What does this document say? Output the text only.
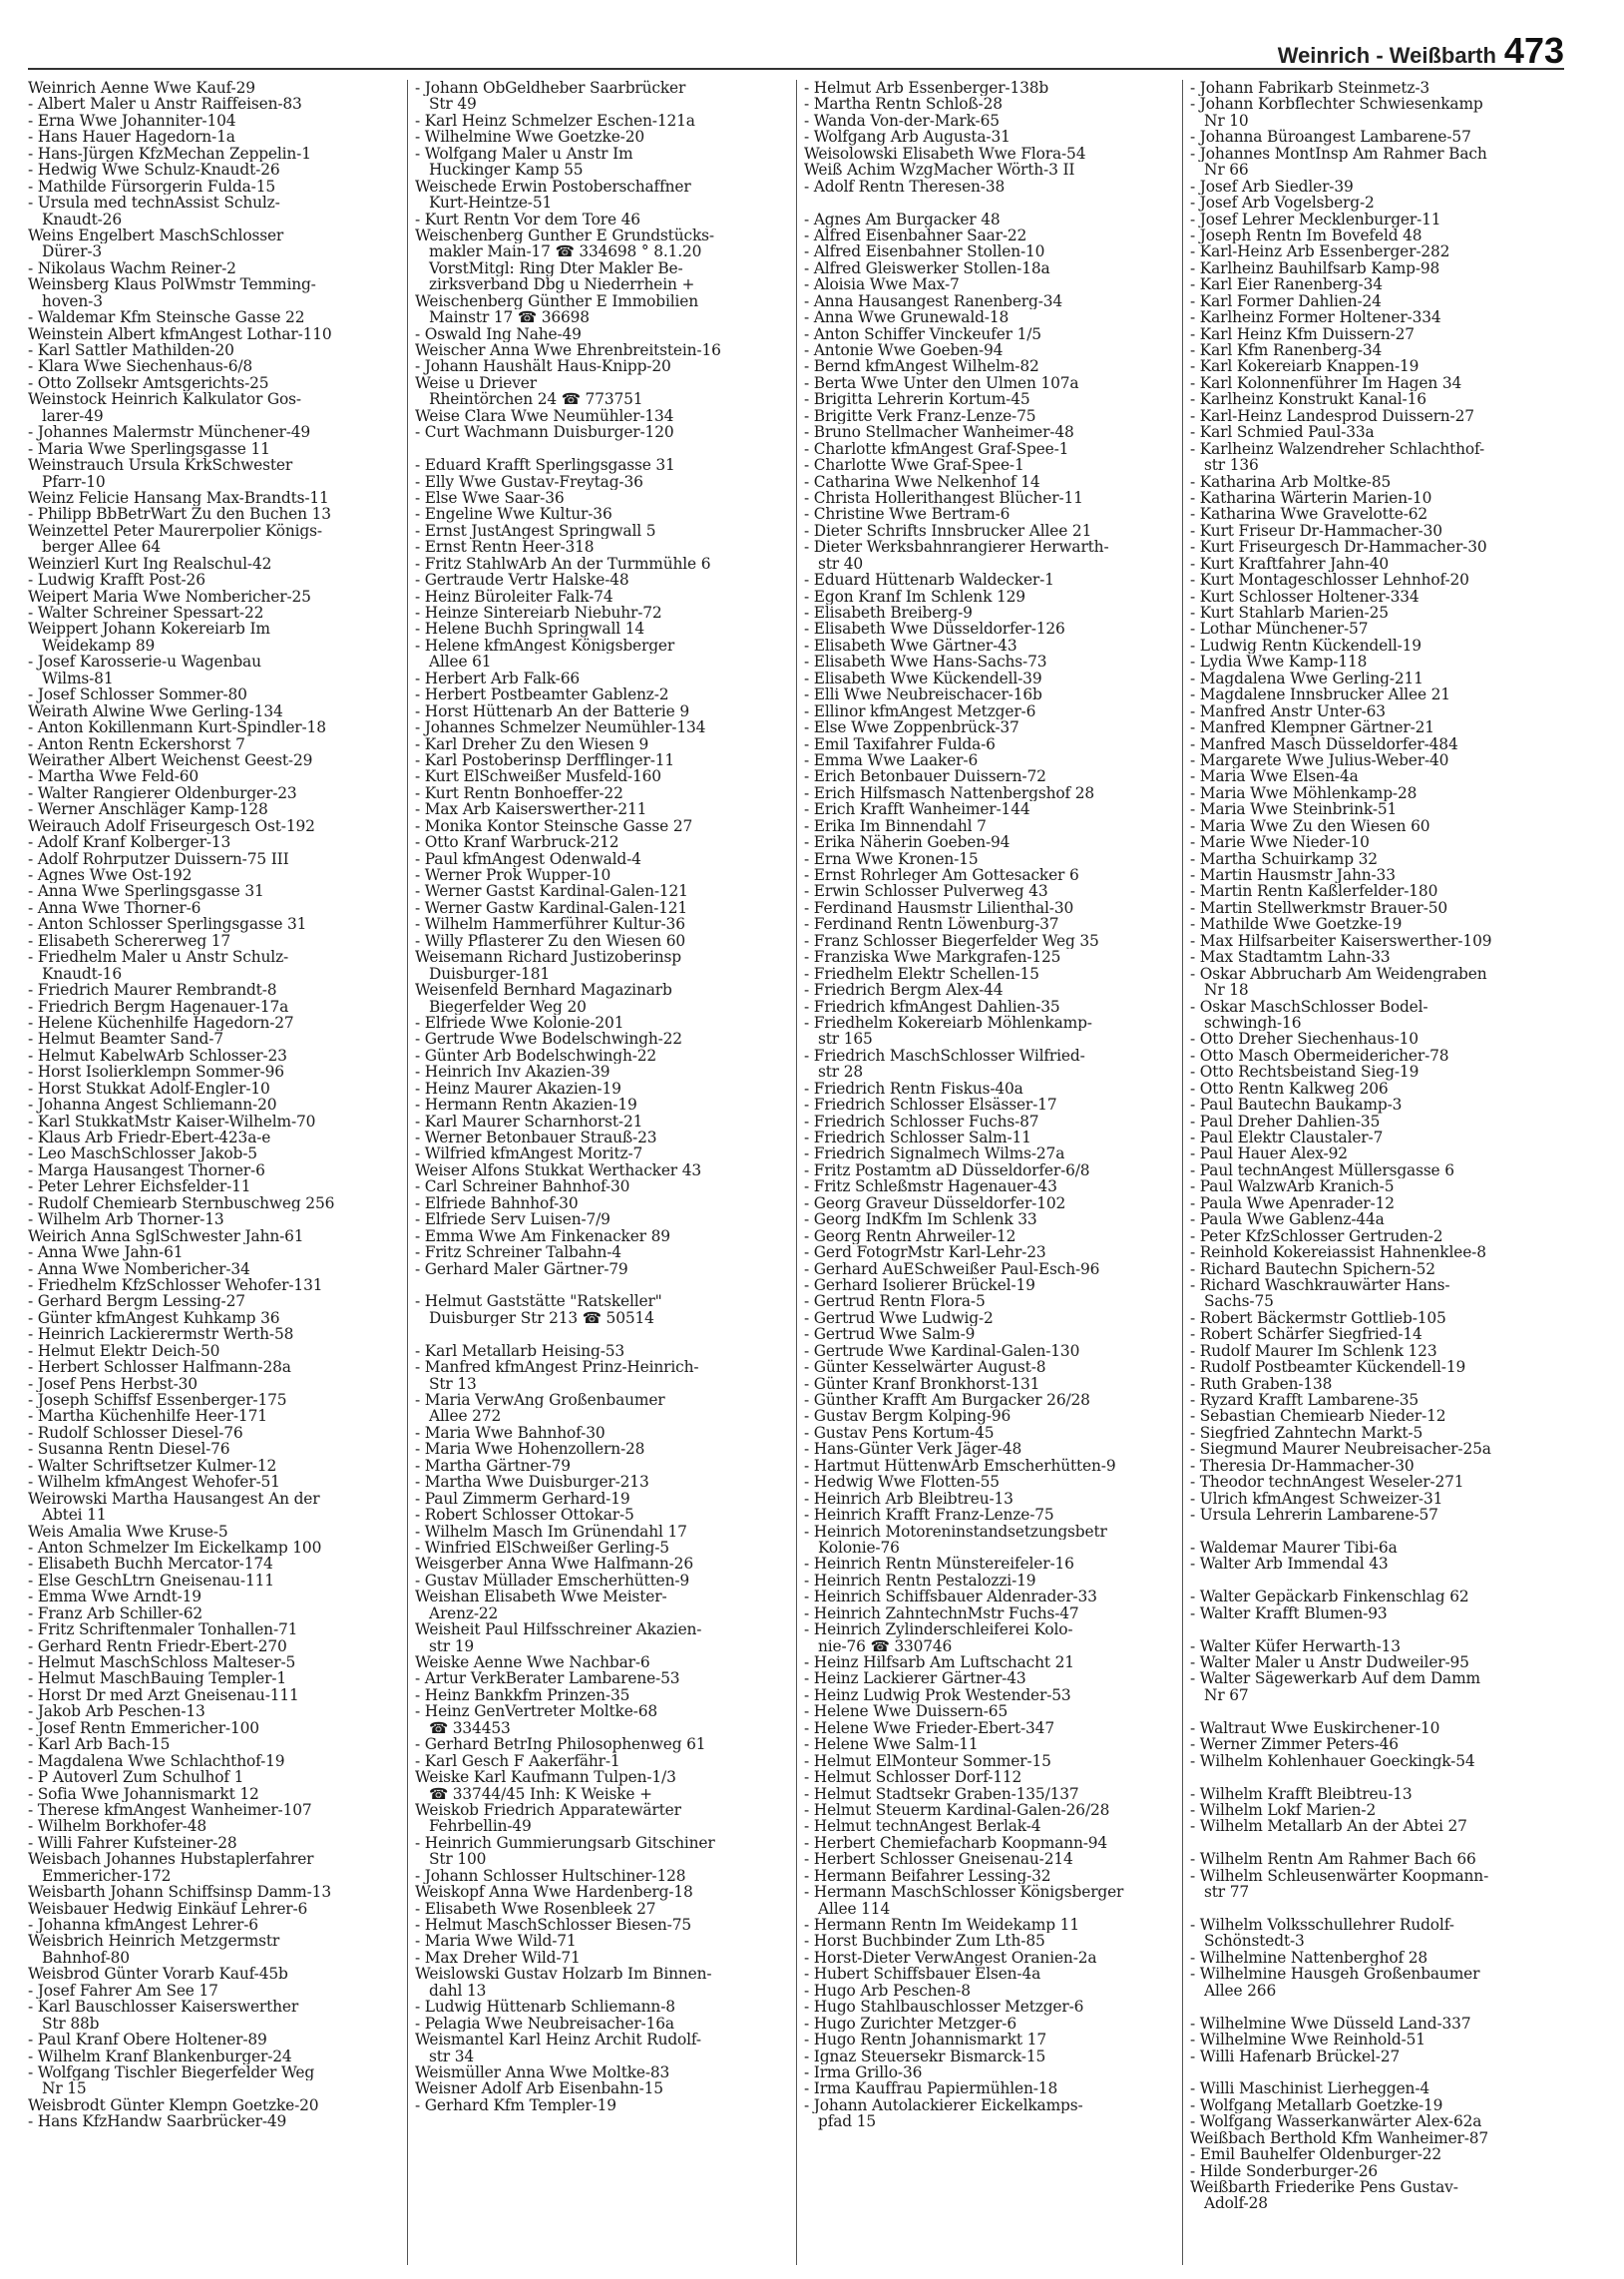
Weinrich - Weißbarth 473
Weinrich Aenne Wwe Kauf-29
- Albert Maler u Anstr Raiffeisen-83
- Erna Wwe Johanniter-104
- Hans Hauer Hagedorn-1a
- Hans-Jürgen KfzMechan Zeppelin-1
- Hedwig Wwe Schulz-Knaudt-26
- Mathilde Fürsorgerin Fulda-15
- Ursula med technAssist Schulz-
Knaudt-26
Weins Engelbert MaschSchlosser
Dürer-3
- Nikolaus Wachm Reiner-2
Weinsberg Klaus PolWmstr Temming-
hoven-3
- Waldemar Kfm Steinsche Gasse 22
Weinstein Albert kfmAngest Lothar-110
- Karl Sattler Mathilden-20
- Klara Wwe Siechenhaus-6/8
- Otto Zollsekr Amtsgerichts-25
Weinstock Heinrich Kalkulator Gos-
larer-49
- Johannes Malermstr Münchener-49
- Maria Wwe Sperlingsgasse 11
Weinstrauch Ursula KrkSchwester
Pfarr-10
Weinz Felicie Hansang Max-Brandts-11
- Philipp BbBetrWart Zu den Buchen 13
Weinzettel Peter Maurerpolier Königs-
berger Allee 64
Weinzierl Kurt Ing Realschul-42
- Ludwig Krafft Post-26
Weipert Maria Wwe Nombericher-25
- Walter Schreiner Spessart-22
Weippert Johann Kokereiarb Im
Weidekamp 89
- Josef Karosserie-u Wagenbau
Wilms-81
- Josef Schlosser Sommer-80
Weirath Alwine Wwe Gerling-134
- Anton Kokillenmann Kurt-Spindler-18
- Anton Rentn Eckershorst 7
Weirather Albert Weichenst Geest-29
- Martha Wwe Feld-60
- Walter Rangierer Oldenburger-23
- Werner Anschläger Kamp-128
Weirauch Adolf Friseurgesch Ost-192
- Adolf Kranf Kolberger-13
- Adolf Rohrputzer Duissern-75 III
- Agnes Wwe Ost-192
- Anna Wwe Sperlingsgasse 31
- Anna Wwe Thorner-6
- Anton Schlosser Sperlingsgasse 31
- Elisabeth Schererweg 17
- Friedhelm Maler u Anstr Schulz-
Knaudt-16
- Friedrich Maurer Rembrandt-8
- Friedrich Bergm Hagenauer-17a
- Helene Küchenhilfe Hagedorn-27
- Helmut Beamter Sand-7
- Helmut KabelwArb Schlosser-23
- Horst Isolierklempn Sommer-96
- Horst Stukkat Adolf-Engler-10
- Johanna Angest Schliemann-20
- Karl StukkatMstr Kaiser-Wilhelm-70
- Klaus Arb Friedr-Ebert-423a-e
- Leo MaschSchlosser Jakob-5
- Marga Hausangest Thorner-6
- Peter Lehrer Eichsfelder-11
- Rudolf Chemiearb Sternbuschweg 256
- Wilhelm Arb Thorner-13
Weirich Anna SglSchwester Jahn-61
- Anna Wwe Jahn-61
- Anna Wwe Nombericher-34
- Friedhelm KfzSchlosser Wehofer-131
- Gerhard Bergm Lessing-27
- Günter kfmAngest Kuhkamp 36
- Heinrich Lackierermstr Werth-58
- Helmut Elektr Deich-50
- Herbert Schlosser Halfmann-28a
- Josef Pens Herbst-30
- Joseph Schiffsf Essenberger-175
- Martha Küchenhilfe Heer-171
- Rudolf Schlosser Diesel-76
- Susanna Rentn Diesel-76
- Walter Schriftsetzer Kulmer-12
- Wilhelm kfmAngest Wehofer-51
Weirowski Martha Hausangest An der
Abtei 11
Weis Amalia Wwe Kruse-5
- Anton Schmelzer Im Eickelkamp 100
- Elisabeth Buchh Mercator-174
- Else GeschLtrn Gneisenau-111
- Emma Wwe Arndt-19
- Franz Arb Schiller-62
- Fritz Schriftenmaler Tonhallen-71
- Gerhard Rentn Friedr-Ebert-270
- Helmut MaschSchloss Malteser-5
- Helmut MaschBauing Templer-1
- Horst Dr med Arzt Gneisenau-111
- Jakob Arb Peschen-13
- Josef Rentn Emmericher-100
- Karl Arb Bach-15
- Magdalena Wwe Schlachthof-19
- P Autoverl Zum Schulhof 1
- Sofia Wwe Johannismarkt 12
- Therese kfmAngest Wanheimer-107
- Wilhelm Borkhofer-48
- Willi Fahrer Kufsteiner-28
Weisbach Johannes Hubstaplerfahrer
Emmericher-172
Weisbarth Johann Schiffsinsp Damm-13
Weisbauer Hedwig Einkäuf Lehrer-6
- Johanna kfmAngest Lehrer-6
Weisbrich Heinrich Metzgermstr
Bahnhof-80
Weisbrod Günter Vorarb Kauf-45b
- Josef Fahrer Am See 17
- Karl Bauschlosser Kaiserswerther
Str 88b
- Paul Kranf Obere Holtener-89
- Wilhelm Kranf Blankenburger-24
- Wolfgang Tischler Biegerfelder Weg
Nr 15
Weisbrodt Günter Klempn Goetzke-20
- Hans KfzHandw Saarbrücker-49
- Johann ObGeldheber Saarbrücker
Str 49
- Karl Heinz Schmelzer Eschen-121a
- Wilhelmine Wwe Goetzke-20
- Wolfgang Maler u Anstr Im
Huckinger Kamp 55
Weischede Erwin Postoberschaffner
Kurt-Heintze-51
- Kurt Rentn Vor dem Tore 46
Weischenberg Gunther E Grundstücks-
makler Main-17 ☎ 334698 ° 8.1.20
VorstMitgl: Ring Dter Makler Be-
zirksverband Dbg u Niederrhein +
Weischenberg Günther E Immobilien
Mainstr 17 ☎ 36698
- Oswald Ing Nahe-49
Weischer Anna Wwe Ehrenbreitstein-16
- Johann Haushält Haus-Knipp-20
Weise u Driever
Rheintörchen 24 ☎ 773751
Weise Clara Wwe Neumühler-134
- Curt Wachmann Duisburger-120
- Eduard Krafft Sperlingsgasse 31
- Elly Wwe Gustav-Freytag-36
- Else Wwe Saar-36
- Engeline Wwe Kultur-36
- Ernst JustAngest Springwall 5
- Ernst Rentn Heer-318
- Fritz StahlwArb An der Turmmühle 6
- Gertraude Vertr Halske-48
- Heinz Büroleiter Falk-74
- Heinze Sintereiarb Niebuhr-72
- Helene Buchh Springwall 14
- Helene kfmAngest Königsberger
Allee 61
- Herbert Arb Falk-66
- Herbert Postbeamter Gablenz-2
- Horst Hüttenarb An der Batterie 9
- Johannes Schmelzer Neumühler-134
- Karl Dreher Zu den Wiesen 9
- Karl Postoberinsp Derfflinger-11
- Kurt ElSchweißer Musfeld-160
- Kurt Rentn Bonhoeffer-22
- Max Arb Kaiserswerther-211
- Monika Kontor Steinsche Gasse 27
- Otto Kranf Warbruck-212
- Paul kfmAngest Odenwald-4
- Werner Prok Wupper-10
- Werner Gastst Kardinal-Galen-121
- Werner Gastw Kardinal-Galen-121
- Wilhelm Hammerführer Kultur-36
- Willy Pflasterer Zu den Wiesen 60
Weisemann Richard Justizoberinsp
Duisburger-181
Weisenfeld Bernhard Magazinarb
Biegerfelder Weg 20
- Elfriede Wwe Kolonie-201
- Gertrude Wwe Bodelschwingh-22
- Günter Arb Bodelschwingh-22
- Heinrich Inv Akazien-39
- Heinz Maurer Akazien-19
- Hermann Rentn Akazien-19
- Karl Maurer Scharnhorst-21
- Werner Betonbauer Strauß-23
- Wilfried kfmAngest Moritz-7
Weiser Alfons Stukkat Werthacker 43
- Carl Schreiner Bahnhof-30
- Elfriede Bahnhof-30
- Elfriede Serv Luisen-7/9
- Emma Wwe Am Finkenacker 89
- Fritz Schreiner Talbahn-4
- Gerhard Maler Gärtner-79
- Helmut Gaststätte "Ratskeller"
Duisburger Str 213 ☎ 50514
- Karl Metallarb Heising-53
- Manfred kfmAngest Prinz-Heinrich-
Str 13
- Maria VerwAng Großenbaumer
Allee 272
- Maria Wwe Bahnhof-30
- Maria Wwe Hohenzollern-28
- Martha Gärtner-79
- Martha Wwe Duisburger-213
- Paul Zimmerm Gerhard-19
- Robert Schlosser Ottokar-5
- Wilhelm Masch Im Grünendahl 17
- Winfried ElSchweißer Gerling-5
Weisgerber Anna Wwe Halfmann-26
- Gustav Müllader Emscherhütten-9
Weishan Elisabeth Wwe Meister-
Arenz-22
Weisheit Paul Hilfsschreiner Akazien-
str 19
Weiske Aenne Wwe Nachbar-6
- Artur VerkBerater Lambarene-53
- Heinz Bankkfm Prinzen-35
- Heinz GenVertreter Moltke-68
☎ 334453
- Gerhard BetrIng Philosophenweg 61
- Karl Gesch F Aakerfähr-1
Weiske Karl Kaufmann Tulpen-1/3
☎ 33744/45 Inh: K Weiske +
Weiskob Friedrich Apparatewärter
Fehrbellin-49
- Heinrich Gummierungsarb Gitschiner
Str 100
- Johann Schlosser Hultschiner-128
Weiskopf Anna Wwe Hardenberg-18
- Elisabeth Wwe Rosenbleek 27
- Helmut MaschSchlosser Biesen-75
- Maria Wwe Wild-71
- Max Dreher Wild-71
Weislowski Gustav Holzarb Im Binnen-
dahl 13
- Ludwig Hüttenarb Schliemann-8
- Pelagia Wwe Neubreisacher-16a
Weismantel Karl Heinz Archit Rudolf-
str 34
Weismüller Anna Wwe Moltke-83
Weisner Adolf Arb Eisenbahn-15
- Gerhard Kfm Templer-19
- Helmut Arb Essenberger-138b
- Martha Rentn Schloß-28
- Wanda Von-der-Mark-65
- Wolfgang Arb Augusta-31
Weisolowski Elisabeth Wwe Flora-54
Weiß Achim WzgMacher Wörth-3 II
- Adolf Rentn Theresen-38
- Agnes Am Burgacker 48
- Alfred Eisenbahner Saar-22
- Alfred Eisenbahner Stollen-10
- Alfred Gleiswerker Stollen-18a
- Aloisia Wwe Max-7
- Anna Hausangest Ranenberg-34
- Anna Wwe Grunewald-18
- Anton Schiffer Vinckeufer 1/5
- Antonie Wwe Goeben-94
- Bernd kfmAngest Wilhelm-82
- Berta Wwe Unter den Ulmen 107a
- Brigitta Lehrerin Kortum-45
- Brigitte Verk Franz-Lenze-75
- Bruno Stellmacher Wanheimer-48
- Charlotte kfmAngest Graf-Spee-1
- Charlotte Wwe Graf-Spee-1
- Catharina Wwe Nelkenhof 14
- Christa Hollerithangest Blücher-11
- Christine Wwe Bertram-6
- Dieter Schrifts Innsbrucker Allee 21
- Dieter Werksbahnrangierer Herwarth-
str 40
- Eduard Hüttenarb Waldecker-1
- Egon Kranf Im Schlenk 129
- Elisabeth Breiberg-9
- Elisabeth Wwe Düsseldorfer-126
- Elisabeth Wwe Gärtner-43
- Elisabeth Wwe Hans-Sachs-73
- Elisabeth Wwe Kückendell-39
- Elli Wwe Neubreischacer-16b
- Ellinor kfmAngest Metzger-6
- Else Wwe Zoppenbrück-37
- Emil Taxifahrer Fulda-6
- Emma Wwe Laaker-6
- Erich Betonbauer Duissern-72
- Erich Hilfsmasch Nattenbergshof 28
- Erich Krafft Wanheimer-144
- Erika Im Binnendahl 7
- Erika Näherin Goeben-94
- Erna Wwe Kronen-15
- Ernst Rohrleger Am Gottesacker 6
- Erwin Schlosser Pulverweg 43
- Ferdinand Hausmstr Lilienthal-30
- Ferdinand Rentn Löwenburg-37
- Franz Schlosser Biegerfelder Weg 35
- Franziska Wwe Markgrafen-125
- Friedhelm Elektr Schellen-15
- Friedrich Bergm Alex-44
- Friedrich kfmAngest Dahlien-35
- Friedhelm Kokereiarb Möhlenkamp-
str 165
- Friedrich MaschSchlosser Wilfried-
str 28
- Friedrich Rentn Fiskus-40a
- Friedrich Schlosser Elsässer-17
- Friedrich Schlosser Fuchs-87
- Friedrich Schlosser Salm-11
- Friedrich Signalmech Wilms-27a
- Fritz Postamtm aD Düsseldorfer-6/8
- Fritz Schleßmstr Hagenauer-43
- Georg Graveur Düsseldorfer-102
- Georg IndKfm Im Schlenk 33
- Georg Rentn Ahrweiler-12
- Gerd FotogrMstr Karl-Lehr-23
- Gerhard AuESchweißer Paul-Esch-96
- Gerhard Isolierer Brückel-19
- Gertrud Rentn Flora-5
- Gertrud Wwe Ludwig-2
- Gertrud Wwe Salm-9
- Gertrude Wwe Kardinal-Galen-130
- Günter Kesselwärter August-8
- Günter Kranf Bronkhorst-131
- Günther Krafft Am Burgacker 26/28
- Gustav Bergm Kolping-96
- Gustav Pens Kortum-45
- Hans-Günter Verk Jäger-48
- Hartmut HüttenwArb Emscherhütten-9
- Hedwig Wwe Flotten-55
- Heinrich Arb Bleibtreu-13
- Heinrich Krafft Franz-Lenze-75
- Heinrich Motoreninstandsetzungsbetr
Kolonie-76
- Heinrich Rentn Münstereifeler-16
- Heinrich Rentn Pestalozzi-19
- Heinrich Schiffsbauer Aldenrader-33
- Heinrich ZahntechnMstr Fuchs-47
- Heinrich Zylinderschleiferei Kolo-
nie-76 ☎ 330746
- Heinz Hilfsarb Am Luftschacht 21
- Heinz Lackierer Gärtner-43
- Heinz Ludwig Prok Westender-53
- Helene Wwe Duissern-65
- Helene Wwe Frieder-Ebert-347
- Helene Wwe Salm-11
- Helmut ElMonteur Sommer-15
- Helmut Schlosser Dorf-112
- Helmut Stadtsekr Graben-135/137
- Helmut Steuerm Kardinal-Galen-26/28
- Helmut technAngest Berlak-4
- Herbert Chemiefacharb Koopmann-94
- Herbert Schlosser Gneisenau-214
- Hermann Beifahrer Lessing-32
- Hermann MaschSchlosser Königsberger
Allee 114
- Hermann Rentn Im Weidekamp 11
- Horst Buchbinder Zum Lth-85
- Horst-Dieter VerwAngest Oranien-2a
- Hubert Schiffsbauer Elsen-4a
- Hugo Arb Peschen-8
- Hugo Stahlbauschlosser Metzger-6
- Hugo Zurichter Metzger-6
- Hugo Rentn Johannismarkt 17
- Ignaz Steuersekr Bismarck-15
- Irma Grillo-36
- Irma Kauffrau Papiermühlen-18
- Johann Autolackierer Eickelkamps-
pfad 15
- Johann Fabrikarb Steinmetz-3
- Johann Korbflechter Schwiesenkamp
Nr 10
- Johanna Büroangest Lambarene-57
- Johannes MontInsp Am Rahmer Bach
Nr 66
- Josef Arb Siedler-39
- Josef Arb Vogelsberg-2
- Josef Lehrer Mecklenburger-11
- Joseph Rentn Im Bovefeld 48
- Karl-Heinz Arb Essenberger-282
- Karlheinz Bauhilfsarb Kamp-98
- Karl Eier Ranenberg-34
- Karl Former Dahlien-24
- Karlheinz Former Holtener-334
- Karl Heinz Kfm Duissern-27
- Karl Kfm Ranenberg-34
- Karl Kokereiarb Knappen-19
- Karl Kolonnenführer Im Hagen 34
- Karlheinz Konstrukt Kanal-16
- Karl-Heinz Landesprod Duissern-27
- Karl Schmied Paul-33a
- Karlheinz Walzendreher Schlachthof-
str 136
- Katharina Arb Moltke-85
- Katharina Wärterin Marien-10
- Katharina Wwe Gravelotte-62
- Kurt Friseur Dr-Hammacher-30
- Kurt Friseurgesch Dr-Hammacher-30
- Kurt Kraftfahrer Jahn-40
- Kurt Montageschlosser Lehnhof-20
- Kurt Schlosser Holtener-334
- Kurt Stahlarb Marien-25
- Lothar Münchener-57
- Ludwig Rentn Kückendell-19
- Lydia Wwe Kamp-118
- Magdalena Wwe Gerling-211
- Magdalene Innsbrucker Allee 21
- Manfred Anstr Unter-63
- Manfred Klempner Gärtner-21
- Manfred Masch Düsseldorfer-484
- Margarete Wwe Julius-Weber-40
- Maria Wwe Elsen-4a
- Maria Wwe Möhlenkamp-28
- Maria Wwe Steinbrink-51
- Maria Wwe Zu den Wiesen 60
- Marie Wwe Nieder-10
- Martha Schuirkamp 32
- Martin Hausmstr Jahn-33
- Martin Rentn Kaßlerfelder-180
- Martin Stellwerkmstr Brauer-50
- Mathilde Wwe Goetzke-19
- Max Hilfsarbeiter Kaiserswerther-109
- Max Stadtamtm Lahn-33
- Oskar Abbrucharb Am Weidengraben
Nr 18
- Oskar MaschSchlosser Bodel-
schwingh-16
- Otto Dreher Siechenhaus-10
- Otto Masch Obermeidericher-78
- Otto Rechtsbeistand Sieg-19
- Otto Rentn Kalkweg 206
- Paul Bautechn Baukamp-3
- Paul Dreher Dahlien-35
- Paul Elektr Claustaler-7
- Paul Hauer Alex-92
- Paul technAngest Müllersgasse 6
- Paul WalzwArb Kranich-5
- Paula Wwe Apenrader-12
- Paula Wwe Gablenz-44a
- Peter KfzSchlosser Gertruden-2
- Reinhold Kokereiassist Hahnenklee-8
- Richard Bautechn Spichern-52
- Richard Waschkrauwärter Hans-
Sachs-75
- Robert Bäckermstr Gottlieb-105
- Robert Schärfer Siegfried-14
- Rudolf Maurer Im Schlenk 123
- Rudolf Postbeamter Kückendell-19
- Ruth Graben-138
- Ryzard Krafft Lambarene-35
- Sebastian Chemiearb Nieder-12
- Siegfried Zahntechn Markt-5
- Siegmund Maurer Neubreisacher-25a
- Theresia Dr-Hammacher-30
- Theodor technAngest Weseler-271
- Ulrich kfmAngest Schweizer-31
- Ursula Lehrerin Lambarene-57
- Waldemar Maurer Tibi-6a
- Walter Arb Immendal 43
- Walter Gepäckarb Finkenschlag 62
- Walter Krafft Blumen-93
- Walter Küfer Herwarth-13
- Walter Maler u Anstr Dudweiler-95
- Walter Sägewerkarb Auf dem Damm
Nr 67
- Waltraut Wwe Euskirchener-10
- Werner Zimmer Peters-46
- Wilhelm Kohlenhauer Goeckingk-54
- Wilhelm Krafft Bleibtreu-13
- Wilhelm Lokf Marien-2
- Wilhelm Metallarb An der Abtei 27
- Wilhelm Rentn Am Rahmer Bach 66
- Wilhelm Schleusenwärter Koopmann-
str 77
- Wilhelm Volksschullehrer Rudolf-
Schönstedt-3
- Wilhelmine Nattenberghof 28
- Wilhelmine Hausgeh Großenbaumer
Allee 266
- Wilhelmine Wwe Düsseld Land-337
- Wilhelmine Wwe Reinhold-51
- Willi Hafenarb Brückel-27
- Willi Maschinist Lierheggen-4
- Wolfgang Metallarb Goetzke-19
- Wolfgang Wasserkanwärter Alex-62a
Weißbach Berthold Kfm Wanheimer-87
- Emil Bauhelfer Oldenburger-22
- Hilde Sonderburger-26
Weißbarth Friederike Pens Gustav-
Adolf-28
